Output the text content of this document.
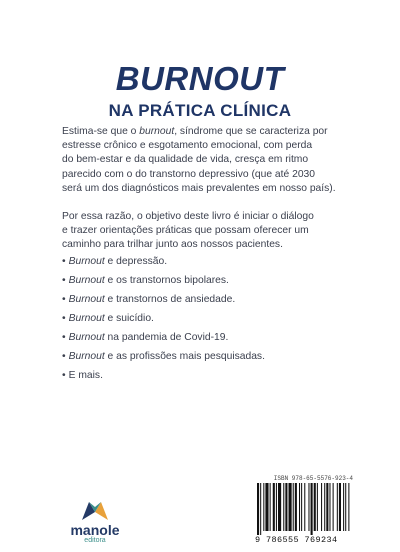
BURNOUT
NA PRÁTICA CLÍNICA
Estima-se que o burnout, síndrome que se caracteriza por
estresse crônico e esgotamento emocional, com perda
do bem-estar e da qualidade de vida, cresça em ritmo
parecido com o do transtorno depressivo (que até 2030
será um dos diagnósticos mais prevalentes em nosso país).
Por essa razão, o objetivo deste livro é iniciar o diálogo
e trazer orientações práticas que possam oferecer um
caminho para trilhar junto aos nossos pacientes.
• Burnout e depressão.
• Burnout e os transtornos bipolares.
• Burnout e transtornos de ansiedade.
• Burnout e suicídio.
• Burnout na pandemia de Covid-19.
• Burnout e as profissões mais pesquisadas.
• E mais.
manole
editora
ISBN 978-65-5576-923-4
9 786555 769234
